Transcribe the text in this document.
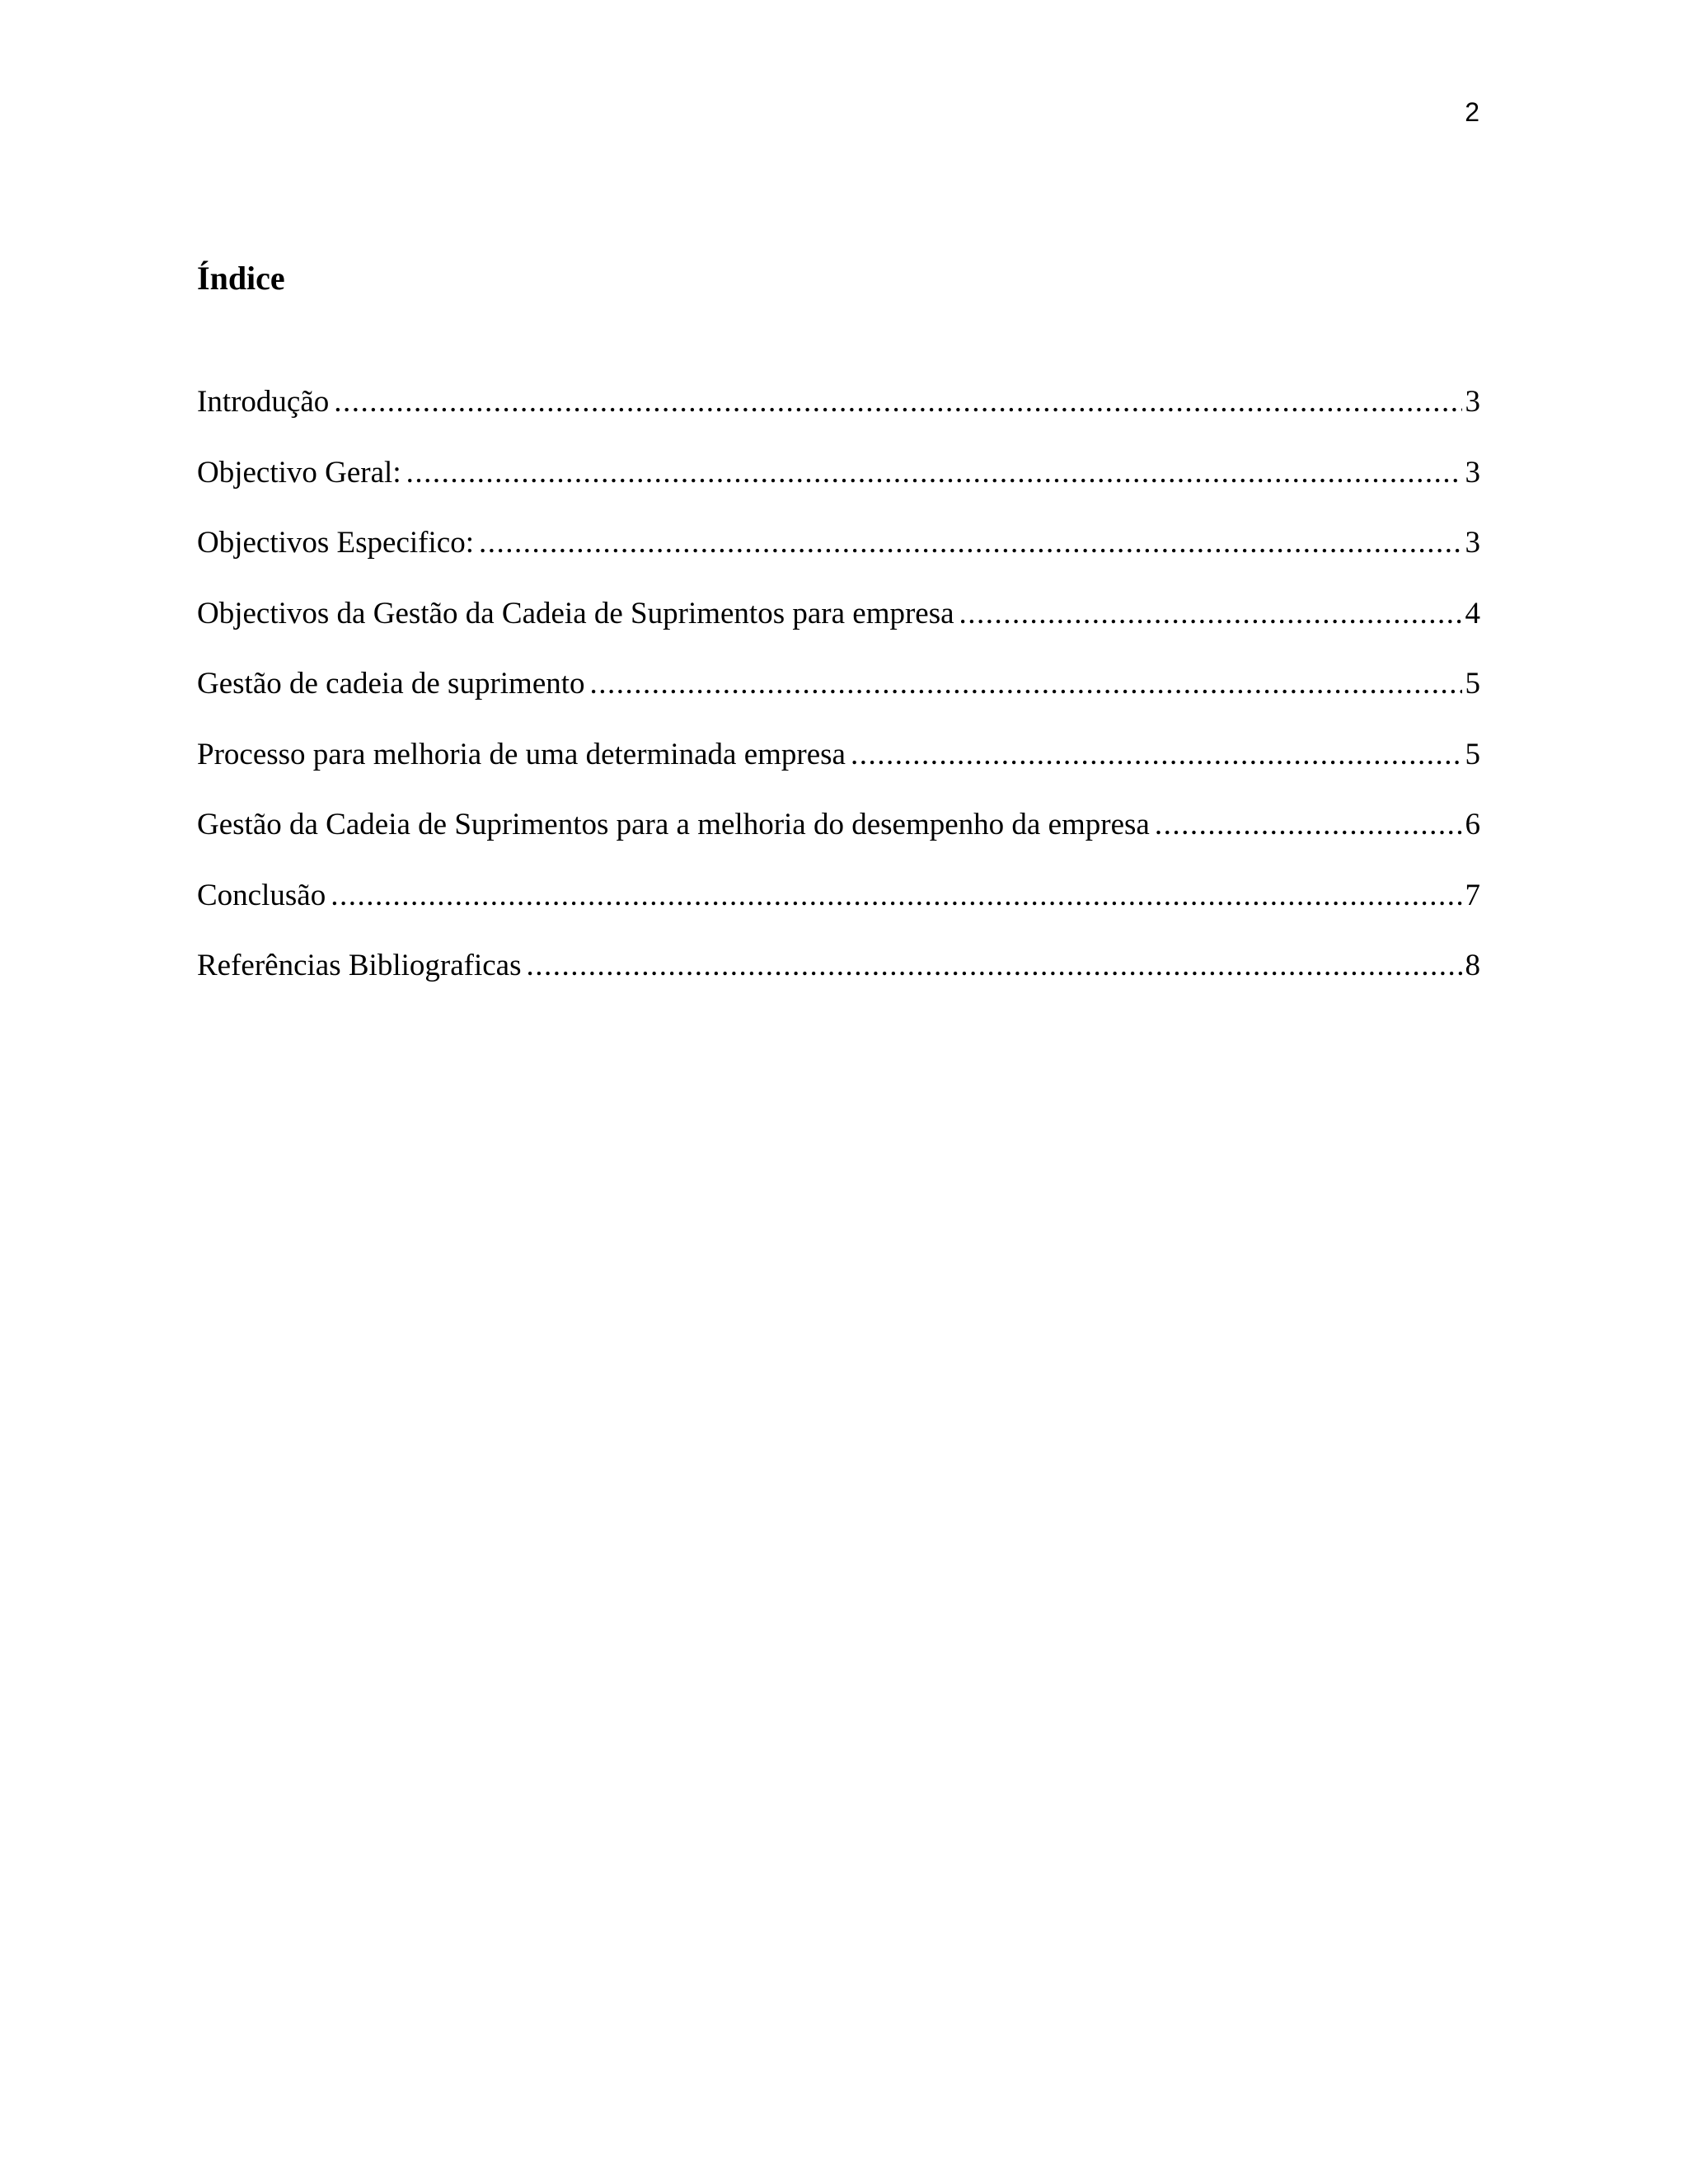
2
Índice
Introdução .....	3
Objectivo Geral: .....	3
Objectivos Especifico: .....	3
Objectivos da Gestão da Cadeia de Suprimentos para empresa .....	4
Gestão de cadeia de suprimento .....	5
Processo para melhoria de uma determinada empresa .....	5
Gestão da Cadeia de Suprimentos para a melhoria do desempenho da empresa .....	6
Conclusão .....	7
Referências Bibliograficas .....	8
